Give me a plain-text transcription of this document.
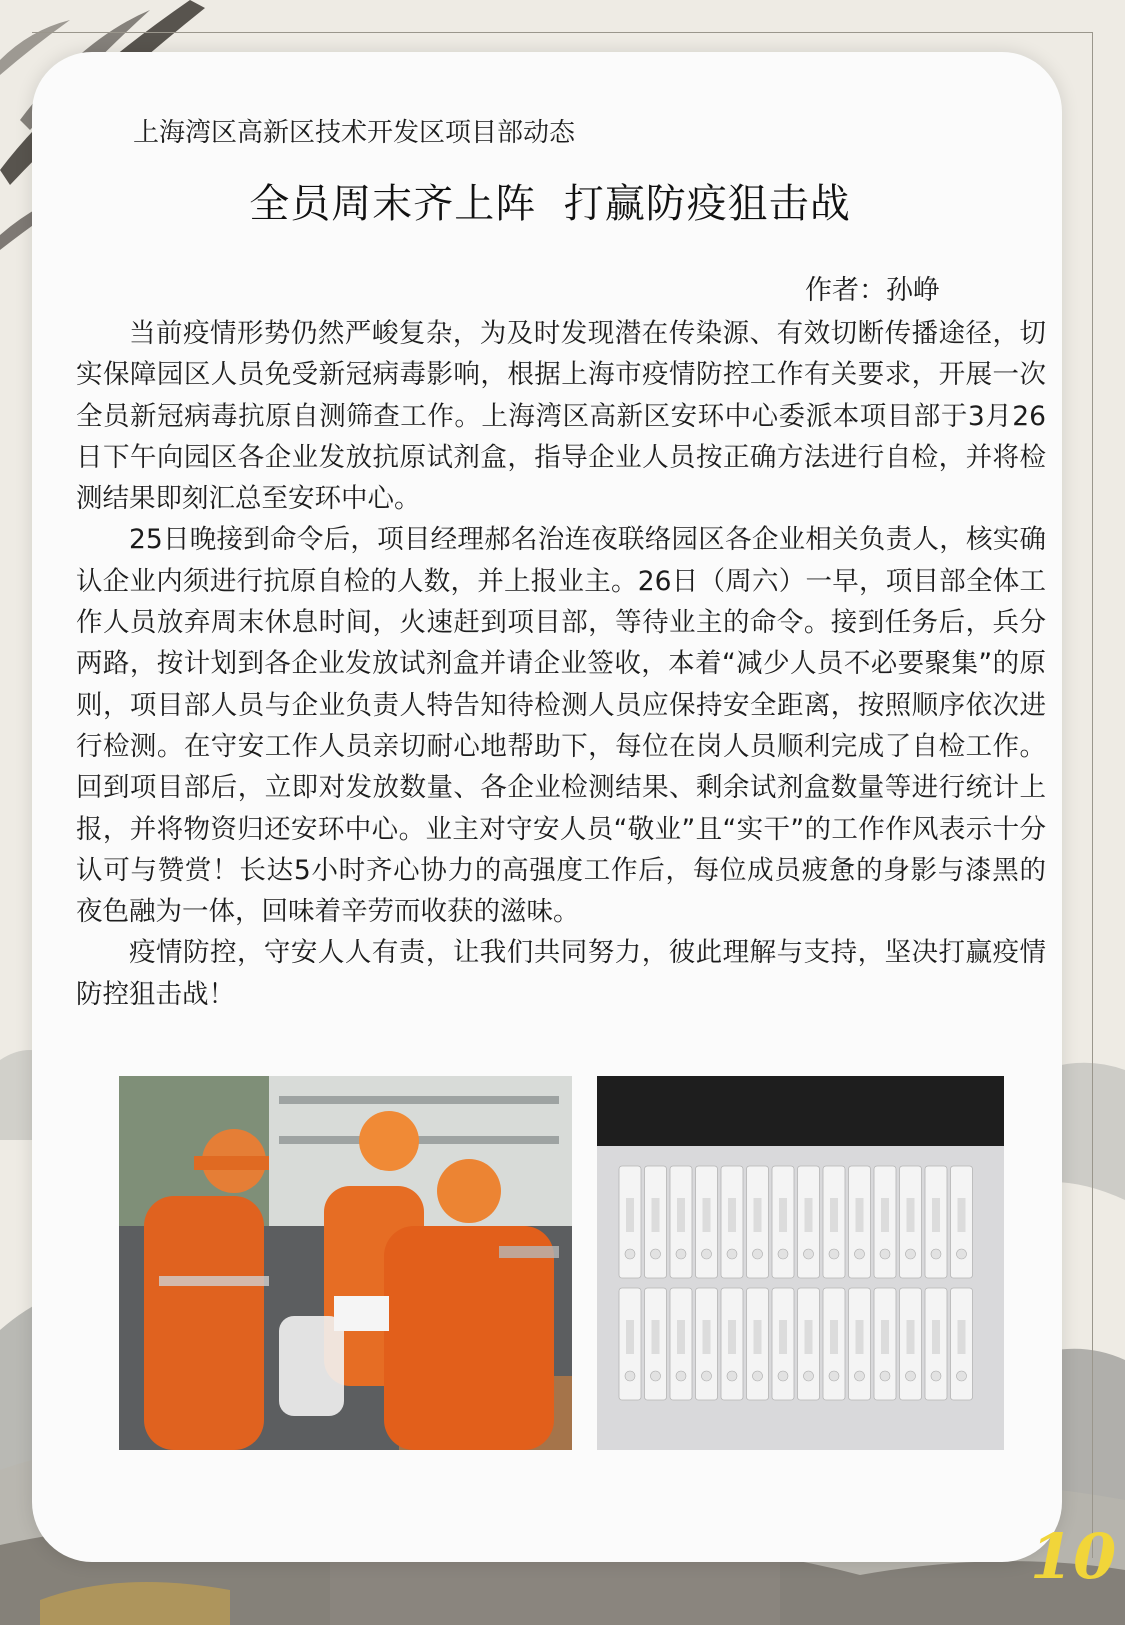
上海湾区高新区技术开发区项目部动态
全员周末齐上阵  打赢防疫狙击战
作者：孙峥

当前疫情形势仍然严峻复杂，为及时发现潜在传染源、有效切断传播途径，切实保障园区人员免受新冠病毒影响，根据上海市疫情防控工作有关要求，开展一次全员新冠病毒抗原自测筛查工作。上海湾区高新区安环中心委派本项目部于3月26日下午向园区各企业发放抗原试剂盒，指导企业人员按正确方法进行自检，并将检测结果即刻汇总至安环中心。

25日晚接到命令后，项目经理郝名治连夜联络园区各企业相关负责人，核实确认企业内须进行抗原自检的人数，并上报业主。26日（周六）一早，项目部全体工作人员放弃周末休息时间，火速赶到项目部，等待业主的命令。接到任务后，兵分两路，按计划到各企业发放试剂盒并请企业签收，本着“减少人员不必要聚集”的原则，项目部人员与企业负责人特告知待检测人员应保持安全距离，按照顺序依次进行检测。在守安工作人员亲切耐心地帮助下，每位在岗人员顺利完成了自检工作。回到项目部后，立即对发放数量、各企业检测结果、剩余试剂盒数量等进行统计上报，并将物资归还安环中心。业主对守安人员“敬业”且“实干”的工作作风表示十分认可与赞赏！长达5小时齐心协力的高强度工作后，每位成员疲惫的身影与漆黑的夜色融为一体，回味着辛劳而收获的滋味。

疫情防控，守安人人有责，让我们共同努力，彼此理解与支持，坚决打赢疫情防控狙击战！

10
